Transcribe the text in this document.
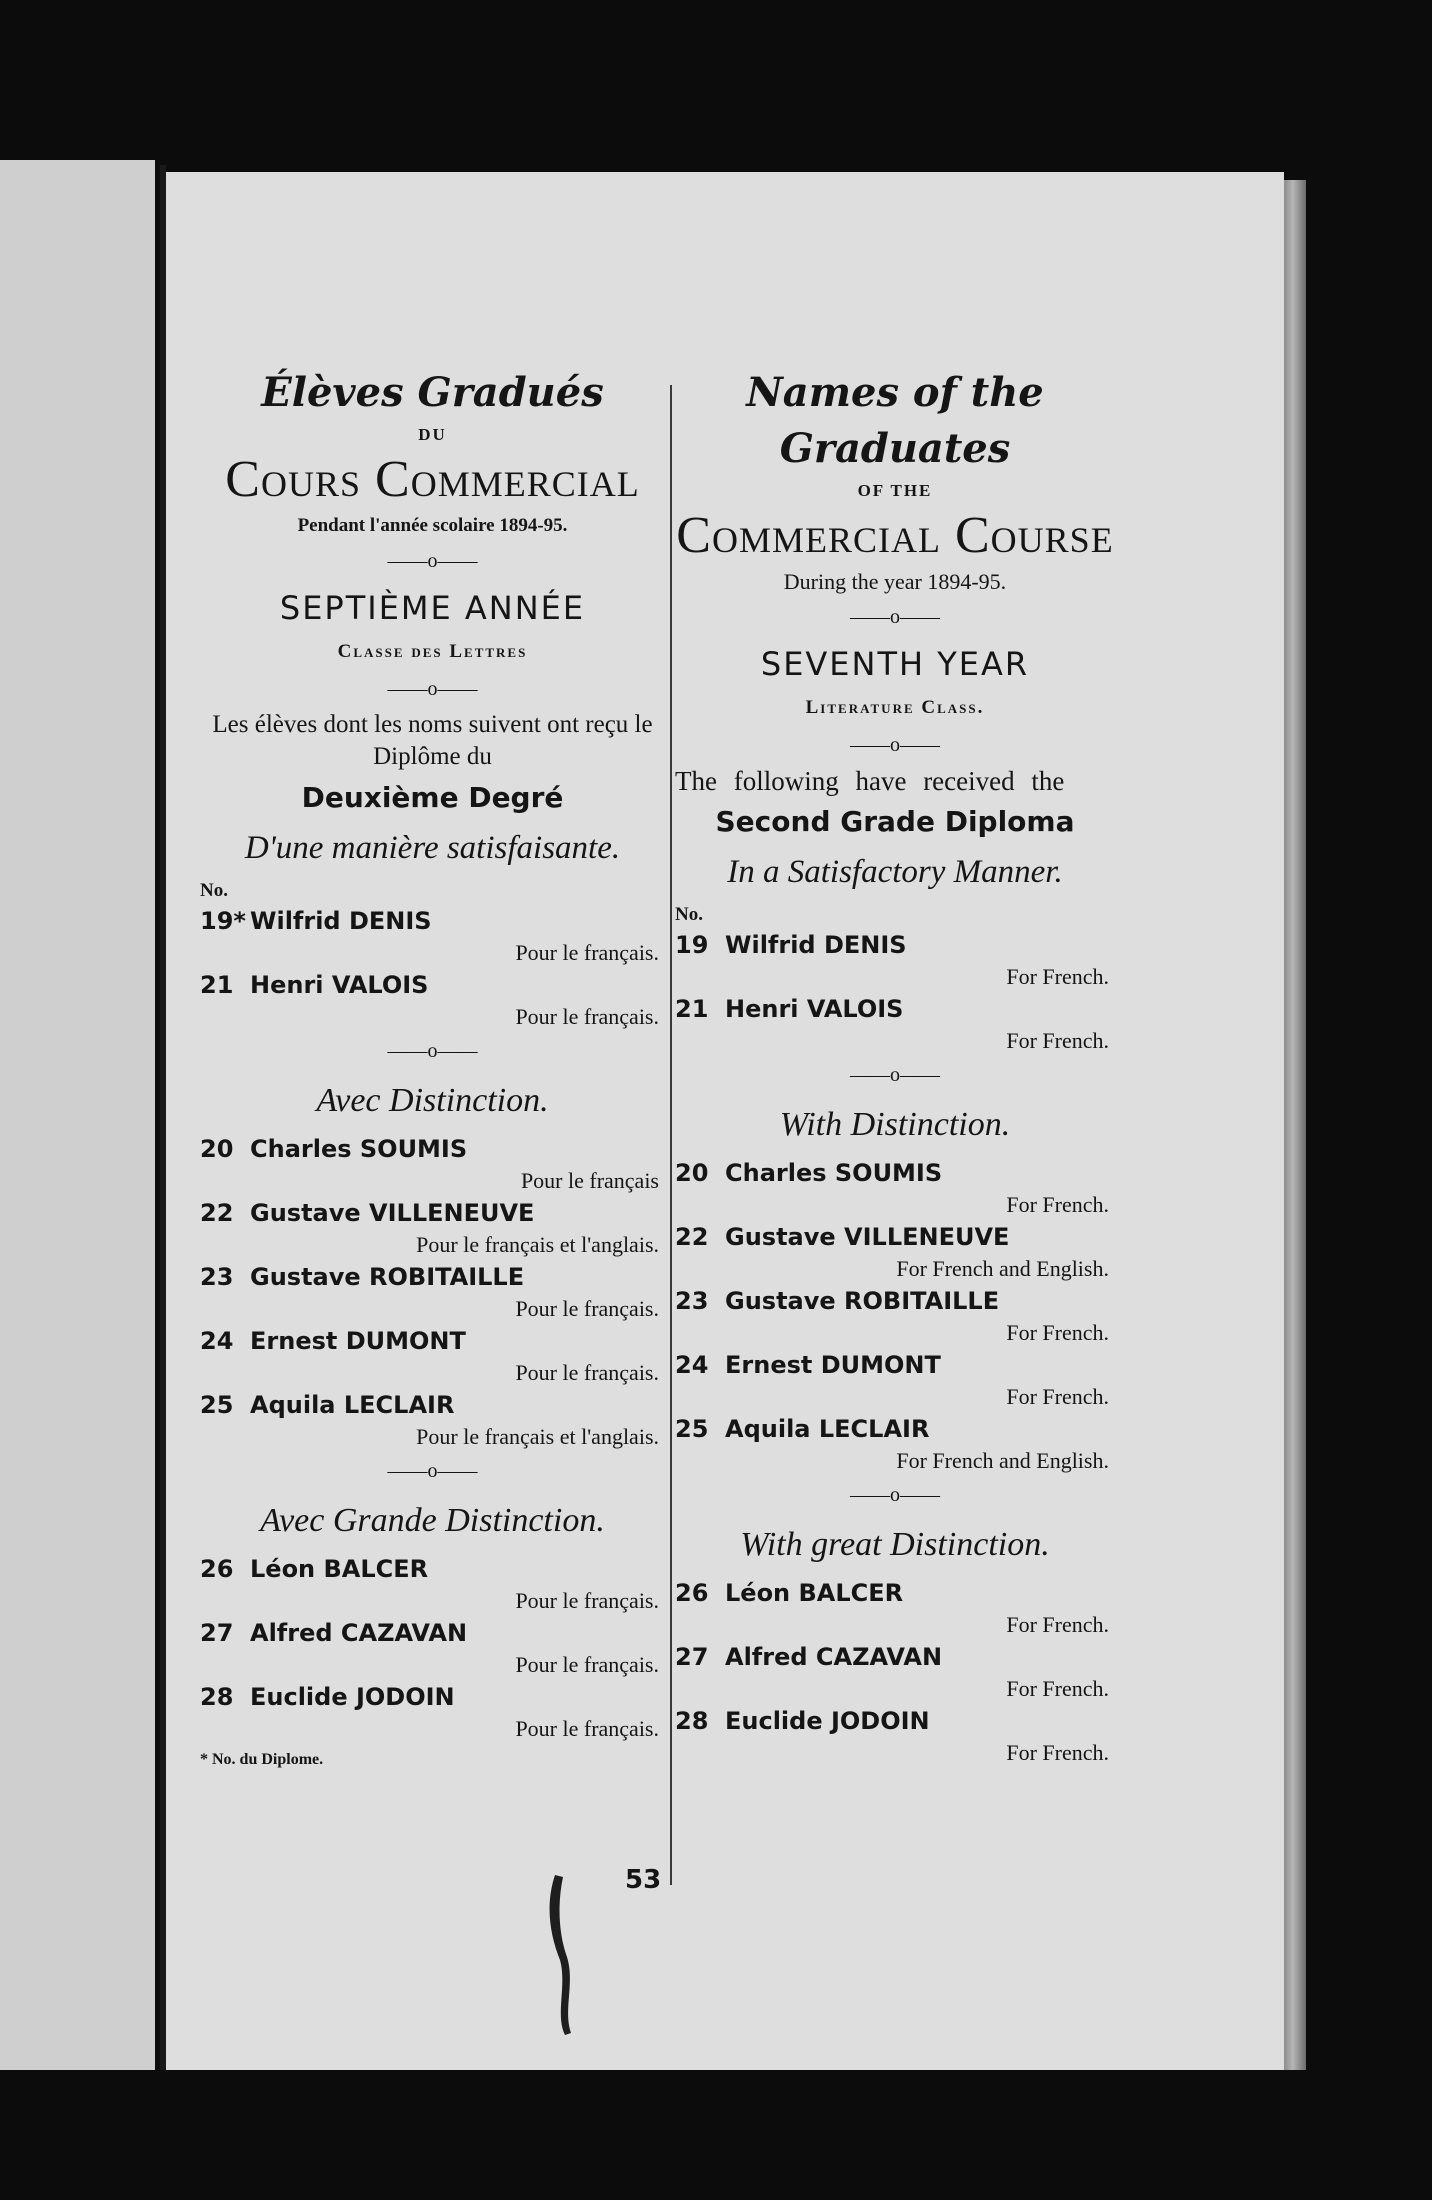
Élèves Gradués
DU
Cours Commercial
Pendant l'année scolaire 1894-95.
——o——
SEPTIÈME ANNÉE
Classe des Lettres
——o——
Les élèves dont les noms suivent ont reçu le Diplôme du
Deuxième Degré
D'une manière satisfaisante.
No.
19* Wilfrid DENIS
Pour le français.
21 Henri VALOIS
Pour le français.
——o——
Avec Distinction.
20 Charles SOUMIS
Pour le français
22 Gustave VILLENEUVE
Pour le français et l'anglais.
23 Gustave ROBITAILLE
Pour le français.
24 Ernest DUMONT
Pour le français.
25 Aquila LECLAIR
Pour le français et l'anglais.
——o——
Avec Grande Distinction.
26 Léon BALCER
Pour le français.
27 Alfred CAZAVAN
Pour le français.
28 Euclide JODOIN
Pour le français.
* No. du Diplome.
Names of the Graduates
OF THE
Commercial Course
During the year 1894-95.
——o——
SEVENTH YEAR
Literature Class.
——o——
The following have received the
Second Grade Diploma
In a Satisfactory Manner.
No.
19 Wilfrid DENIS
For French.
21 Henri VALOIS
For French.
——o——
With Distinction.
20 Charles SOUMIS
For French.
22 Gustave VILLENEUVE
For French and English.
23 Gustave ROBITAILLE
For French.
24 Ernest DUMONT
For French.
25 Aquila LECLAIR
For French and English.
——o——
With great Distinction.
26 Léon BALCER
For French.
27 Alfred CAZAVAN
For French.
28 Euclide JODOIN
For French.
53
